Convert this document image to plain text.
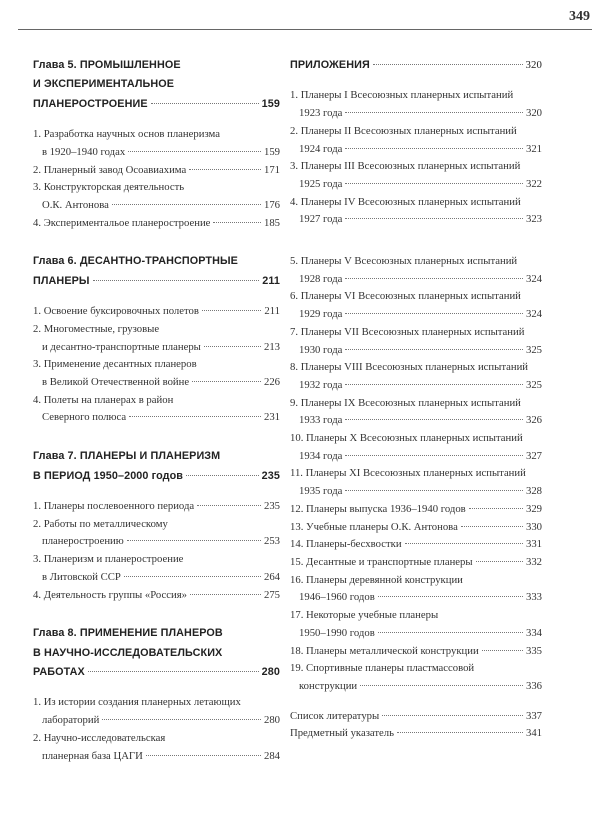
349
Глава 5. ПРОМЫШЛЕННОЕ
И ЭКСПЕРИМЕНТАЛЬНОЕ
ПЛАНЕРОСТРОЕНИЕ	159
1. Разработка научных основ планеризма
в 1920–1940 годах	159
2. Планерный завод Осоавиахима	171
3. Конструкторская деятельность
О.К. Антонова	176
4. Экспериментальое планеростроение	185
Глава 6. ДЕСАНТНО-ТРАНСПОРТНЫЕ
ПЛАНЕРЫ	211
1. Освоение буксировочных полетов	211
2. Многоместные, грузовые
и десантно-транспортные планеры	213
3. Применение десантных планеров
в Великой Отечественной войне	226
4. Полеты на планерах в район
Северного полюса	231
Глава 7. ПЛАНЕРЫ И ПЛАНЕРИЗМ
В ПЕРИОД 1950–2000 годов	235
1. Планеры послевоенного периода	235
2. Работы по металлическому
планеростроению	253
3. Планеризм и планеростроение
в Литовской ССР	264
4. Деятельность группы «Россия»	275
Глава 8. ПРИМЕНЕНИЕ ПЛАНЕРОВ
В НАУЧНО-ИССЛЕДОВАТЕЛЬСКИХ
РАБОТАХ	280
1. Из истории создания планерных летающих
лабораторий	280
2. Научно-исследовательская
планерная база ЦАГИ	284
ПРИЛОЖЕНИЯ	320
1. Планеры I Всесоюзных планерных испытаний
1923 года	320
2. Планеры II Всесоюзных планерных испытаний
1924 года	321
3. Планеры III Всесоюзных планерных испытаний
1925 года	322
4. Планеры IV Всесоюзных планерных испытаний
1927 года	323
5. Планеры V Всесоюзных планерных испытаний
1928 года	324
6. Планеры VI Всесоюзных планерных испытаний
1929 года	324
7. Планеры VII Всесоюзных планерных испытаний
1930 года	325
8. Планеры VIII Всесоюзных планерных испытаний
1932 года	325
9. Планеры IX Всесоюзных планерных испытаний
1933 года	326
10. Планеры X Всесоюзных планерных испытаний
1934 года	327
11. Планеры XI Всесоюзных планерных испытаний
1935 года	328
12. Планеры выпуска 1936–1940 годов	329
13. Учебные планеры О.К. Антонова	330
14. Планеры-бесхвостки	331
15. Десантные и транспортные планеры	332
16. Планеры деревянной конструкции
1946–1960 годов	333
17. Некоторые учебные планеры
1950–1990 годов	334
18. Планеры металлической конструкции	335
19. Спортивные планеры пластмассовой
конструкции	336
Список литературы	337
Предметный указатель	341
